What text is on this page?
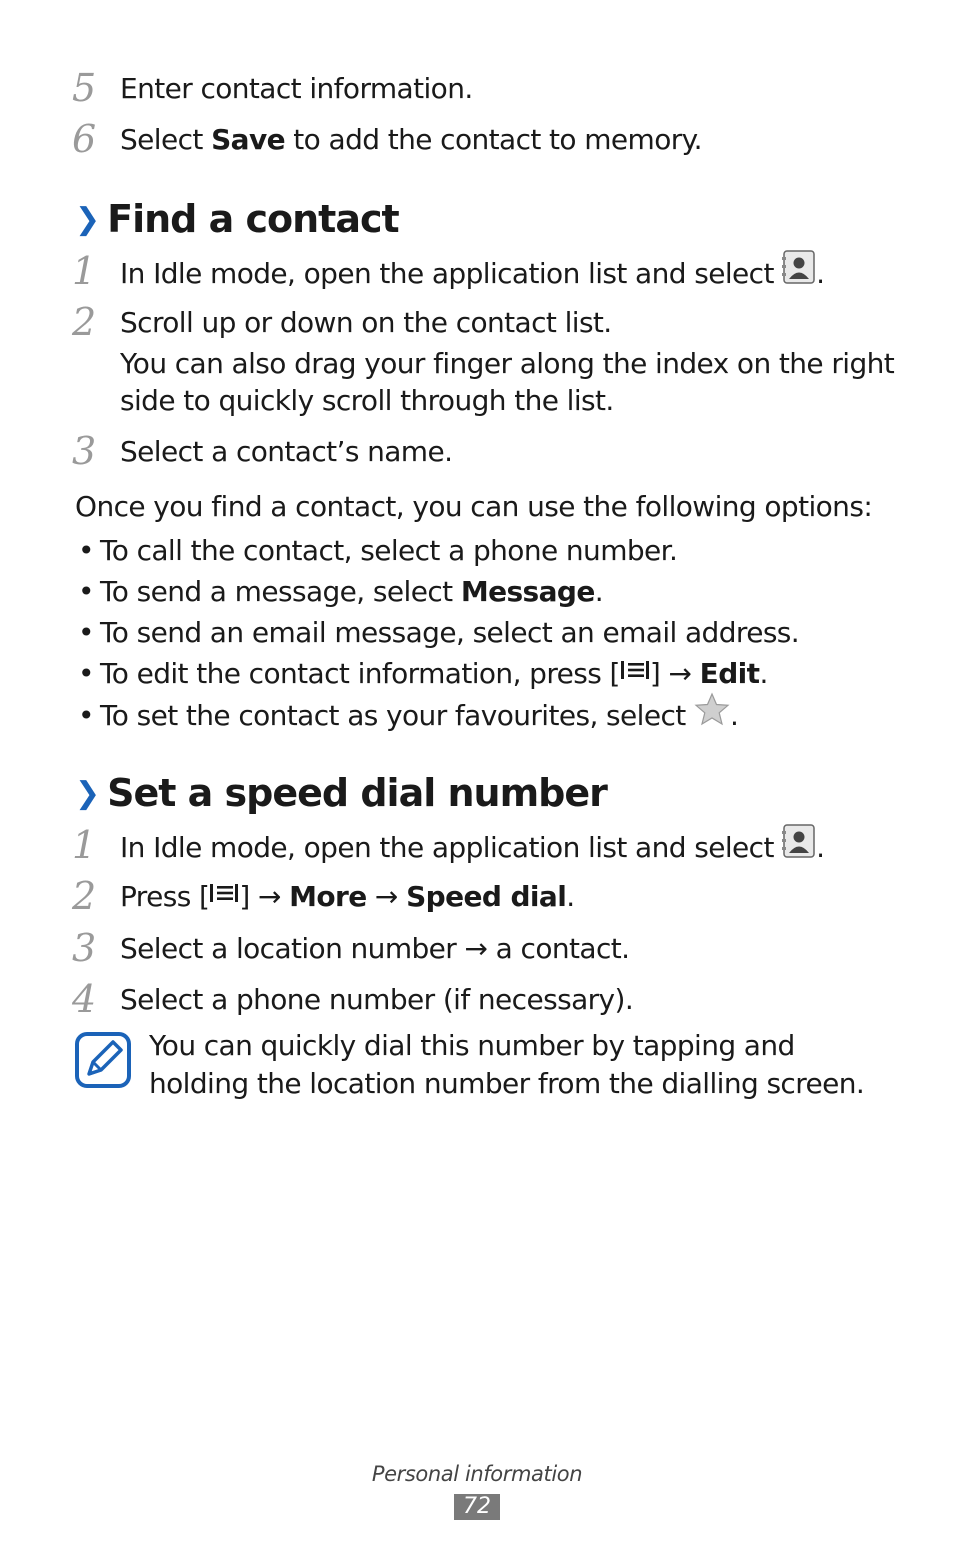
5 Enter contact information.
6 Select Save to add the contact to memory.
❯ Find a contact
1 In Idle mode, open the application list and select .
2 Scroll up or down on the contact list.
You can also drag your finger along the index on the right
side to quickly scroll through the list.
3 Select a contact’s name.
Once you find a contact, you can use the following options:
• To call the contact, select a phone number.
• To send a message, select Message.
• To send an email message, select an email address.
• To edit the contact information, press [ ] → Edit.
• To set the contact as your favourites, select .
❯ Set a speed dial number
1 In Idle mode, open the application list and select .
2 Press [ ] → More → Speed dial.
3 Select a location number → a contact.
4 Select a phone number (if necessary).
You can quickly dial this number by tapping and
holding the location number from the dialling screen.
Personal information
72
